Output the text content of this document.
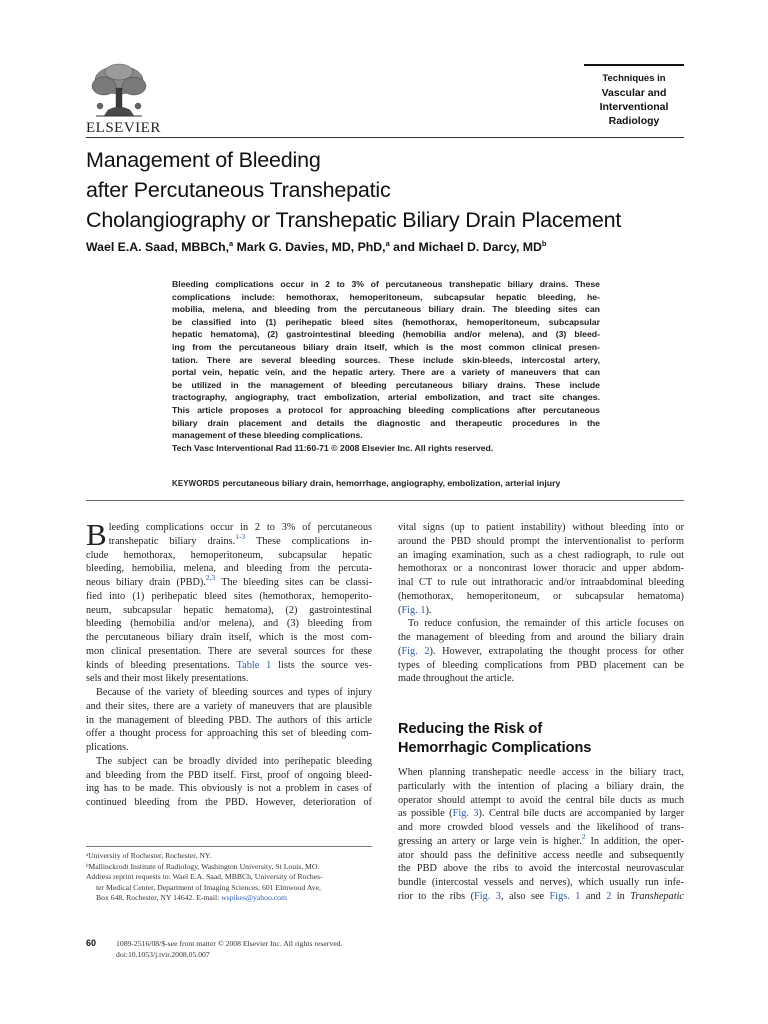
ELSEVIER
Techniques in
Vascular and
Interventional
Radiology
Management of Bleeding
after Percutaneous Transhepatic
Cholangiography or Transhepatic Biliary Drain Placement
Wael E.A. Saad, MBBCh,$^a$ Mark G. Davies, MD, PhD,$^a$ and Michael D. Darcy, $MD^b$
Bleeding complications occur in 2 to 3% of percutaneous transhepatic biliary drains. These
complications include: hemothorax, hemoperitoneum, subcapsular hepatic bleeding, he-
mobilia, melena, and bleeding from the percutaneous biliary drain. The bleeding sites can
be classified into (1) perihepatic bleed sites (hemothorax, hemoperitoneum, subcapsular
hepatic hematoma), (2) gastrointestinal bleeding (hemobilia and/or melena), and (3) bleed-
ing from the percutaneous biliary drain itself, which is the most common clinical presen-
tation. There are several bleeding sources. These include skin-bleeds, intercostal artery,
portal vein, hepatic vein, and the hepatic artery. There are a variety of maneuvers that can
be utilized in the management of bleeding percutaneous biliary drains. These include
tractography, angiography, tract embolization, arterial embolization, and tract site changes.
This article proposes a protocol for approaching bleeding complications after percutaneous
biliary drain placement and details the diagnostic and therapeutic procedures in the
management of these bleeding complications.
Tech Vasc Interventional Rad 11:60-71 © 2008 Elsevier Inc. All rights reserved.
KEYWORDS percutaneous biliary drain, hemorrhage, angiography, embolization, arterial injury
B leeding complications occur in 2 to 3% of percutaneous
transhepatic biliary drains.$^{1-3}$ These complications in-
clude hemothorax, hemoperitoneum, subcapsular hepatic
bleeding, hemobilia, melena, and bleeding from the percuta-
neous biliary drain (PBD).$^{2,3}$ The bleeding sites can be classi-
fied into (1) perihepatic bleed sites (hemothorax, hemoperito-
neum, subcapsular hepatic hematoma), (2) gastrointestinal
bleeding (hemobilia and/or melena), and (3) bleeding from
the percutaneous biliary drain itself, which is the most com-
mon clinical presentation. There are several sources for these
kinds of bleeding presentations. Table 1 lists the source ves-
sels and their most likely presentations.
Because of the variety of bleeding sources and types of injury
and their sites, there are a variety of maneuvers that are plausible
in the management of bleeding PBD. The authors of this article
offer a thought process for approaching this set of bleeding com-
plications.
The subject can be broadly divided into perihepatic bleeding
and bleeding from the PBD itself. First, proof of ongoing bleed-
ing has to be made. This obviously is not a problem in cases of
continued bleeding from the PBD. However, deterioration of
vital signs (up to patient instability) without bleeding into or
around the PBD should prompt the interventionalist to perform
an imaging examination, such as a chest radiograph, to rule out
hemothorax or a noncontrast lower thoracic and upper abdom-
inal CT to rule out intrathoracic and/or intraabdominal bleeding
(hemothorax, hemoperitoneum, or subcapsular hematoma)
(Fig. 1).
To reduce confusion, the remainder of this article focuses on
the management of bleeding from and around the biliary drain
(Fig. 2). However, extrapolating the thought process for other
types of bleeding complications from PBD placement can be
made throughout the article.
Reducing the Risk of
Hemorrhagic Complications
When planning transhepatic needle access in the biliary tract,
particularly with the intention of placing a biliary drain, the
operator should attempt to avoid the central bile ducts as much
as possible (Fig. 3). Central bile ducts are accompanied by larger
and more crowded blood vessels and the likelihood of trans-
gressing an artery or large vein is higher.$^2$ In addition, the oper-
ator should pass the definitive access needle and subsequently
the PBD above the ribs to avoid the intercostal neurovascular
bundle (intercostal vessels and nerves), which usually run infe-
rior to the ribs (Fig. 3, also see Figs. 1 and 2 in Transhepatic
ᵃUniversity of Rochester, Rochester, NY.
ᵇMallinckrodt Institute of Radiology, Washington University, St Louis, MO.
Address reprint requests to: Wael E.A. Saad, MBBCh, University of Roches-
ter Medical Center, Department of Imaging Sciences, 601 Elmwood Ave,
Box 648, Rochester, NY 14642. E-mail: wspikes@yahoo.com
60	1089-2516/08/$-see front matter © 2008 Elsevier Inc. All rights reserved.
doi:10.1053/j.tvir.2008.05.007
